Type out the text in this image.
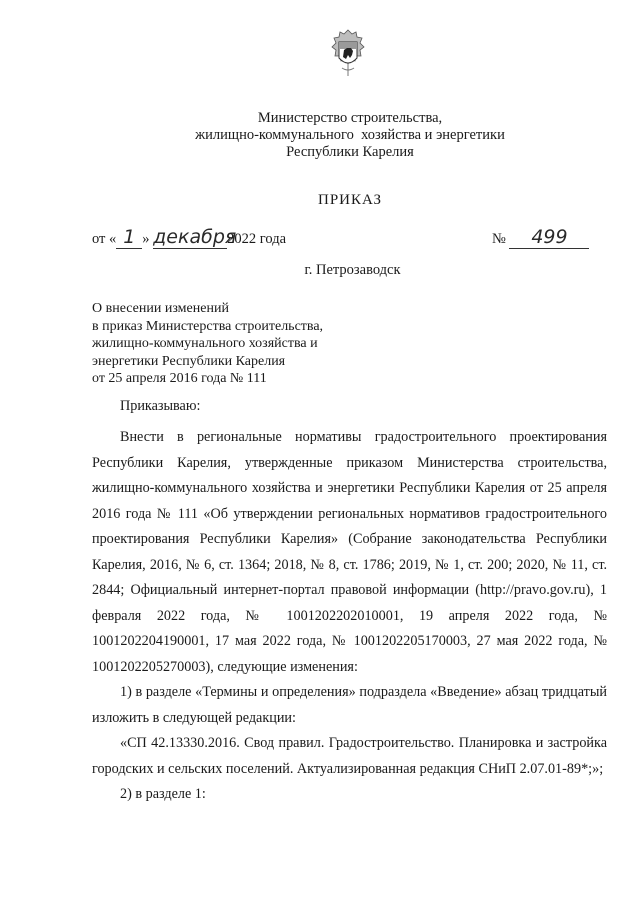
Министерство строительства,
жилищно-коммунального  хозяйства и энергетики
Республики Карелия
ПРИКАЗ
от « 1 » декабря2022 года	№ 499
г. Петрозаводск
О внесении изменений
в приказ Министерства строительства,
жилищно-коммунального хозяйства и
энергетики Республики Карелия
от 25 апреля 2016 года № 111
Приказываю:

Внести в региональные нормативы градостроительного проектирования Республики Карелия, утвержденные приказом Министерства строительства, жилищно-коммунального хозяйства и энергетики Республики Карелия от 25 апреля 2016 года № 111 «Об утверждении региональных нормативов градостроительного проектирования Республики Карелия» (Собрание законодательства Республики Карелия, 2016, № 6, ст. 1364; 2018, № 8, ст. 1786; 2019, № 1, ст. 200; 2020, № 11, ст. 2844; Официальный интернет-портал правовой информации (http://pravo.gov.ru), 1 февраля 2022 года, № 1001202202010001, 19 апреля 2022 года, № 1001202204190001, 17 мая 2022 года, № 1001202205170003, 27 мая 2022 года, № 1001202205270003), следующие изменения:

1) в разделе «Термины и определения» подраздела «Введение» абзац тридцатый изложить в следующей редакции:

«СП 42.13330.2016. Свод правил. Градостроительство. Планировка и застройка городских и сельских поселений. Актуализированная редакция СНиП 2.07.01-89*;»;

2) в разделе 1:
